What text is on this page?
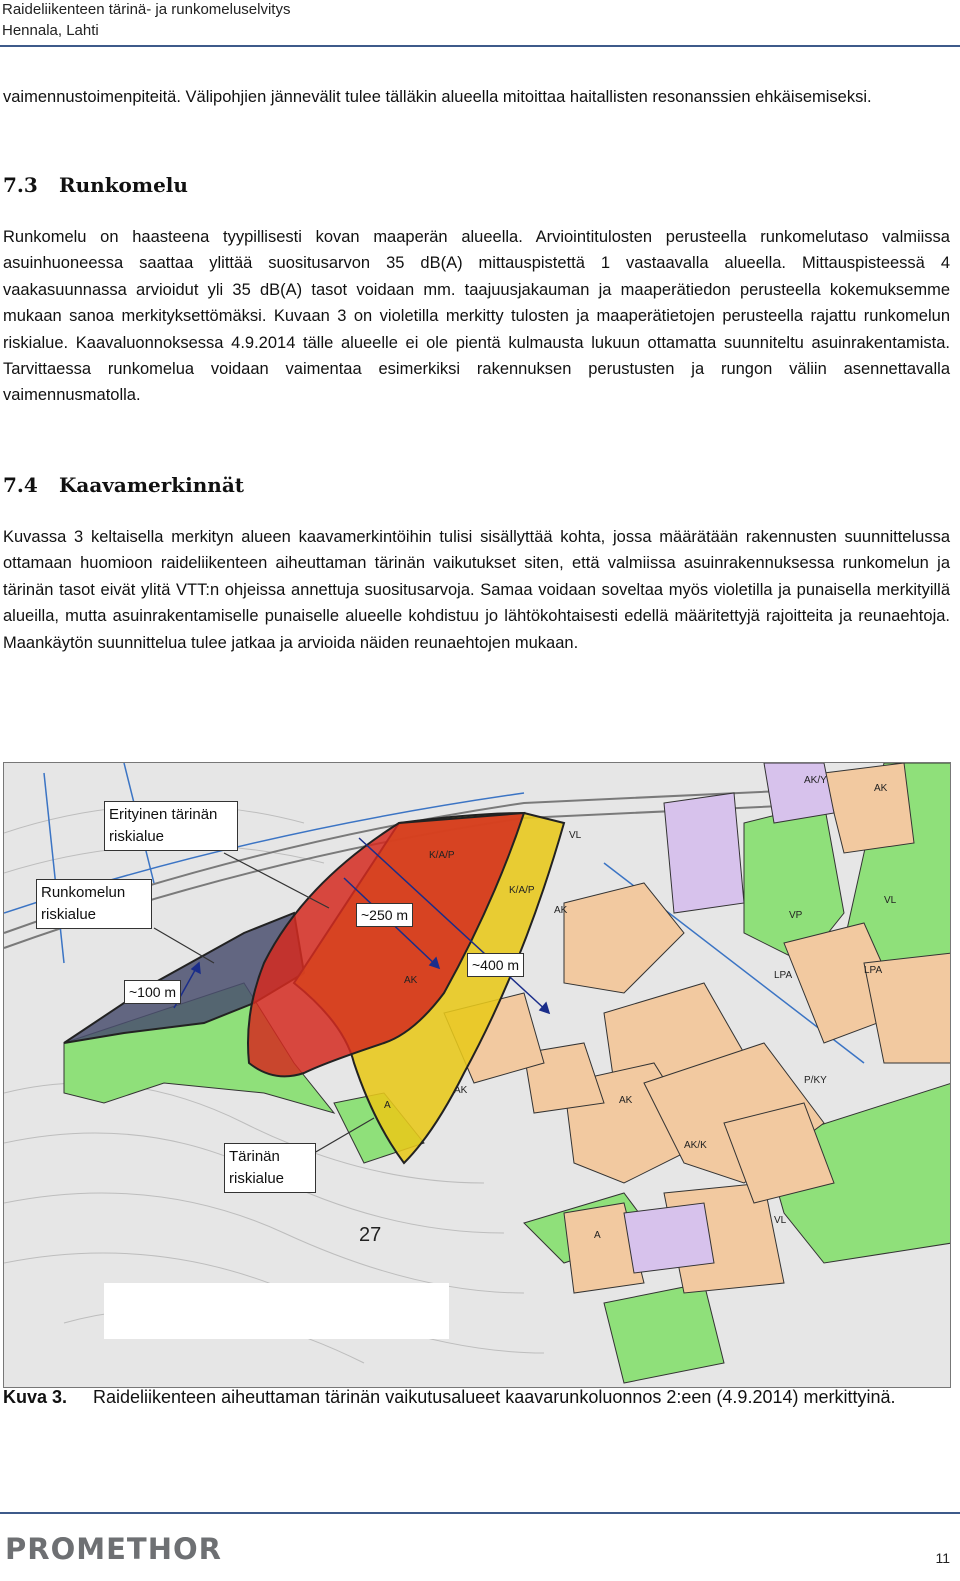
Raideliikenteen tärinä- ja runkomeluselvitys
Hennala, Lahti
vaimennustoimenpiteitä. Välipohjien jännevälit tulee tälläkin alueella mitoittaa haitallisten resonanssien ehkäisemiseksi.
7.3 Runkomelu
Runkomelu on haasteena tyypillisesti kovan maaperän alueella. Arviointitulosten perusteella runkomelutaso valmiissa asuinhuoneessa saattaa ylittää suositusarvon 35 dB(A) mittauspistettä 1 vastaavalla alueella. Mittauspisteessä 4 vaakasuunnassa arvioidut yli 35 dB(A) tasot voidaan mm. taajuusjakauman ja maaperätiedon perusteella kokemuksemme mukaan sanoa merkityksettömäksi. Kuvaan 3 on violetilla merkitty tulosten ja maaperätietojen perusteella rajattu runkomelun riskialue. Kaavaluonnoksessa 4.9.2014 tälle alueelle ei ole pientä kulmausta lukuun ottamatta suunniteltu asuinrakentamista. Tarvittaessa runkomelua voidaan vaimentaa esimerkiksi rakennuksen perustusten ja rungon väliin asennettavalla vaimennusmatolla.
7.4 Kaavamerkinnät
Kuvassa 3 keltaisella merkityn alueen kaavamerkintöihin tulisi sisällyttää kohta, jossa määrätään rakennusten suunnittelussa ottamaan huomioon raideliikenteen aiheuttaman tärinän vaikutukset siten, että valmiissa asuinrakennuksessa runkomelun ja tärinän tasot eivät ylitä VTT:n ohjeissa annettuja suositusarvoja. Samaa voidaan soveltaa myös violetilla ja punaisella merkityillä alueilla, mutta asuinrakentamiselle punaiselle alueelle kohdistuu jo lähtökohtaisesti edellä määritettyjä rajoitteita ja reunaehtoja. Maankäytön suunnittelua tulee jatkaa ja arvioida näiden reunaehtojen mukaan.
AK
AK/Y
K/A/P
K/A/P
AK
AK
AK
AK
AK/K
VP
VL
VL
VL
LPA	LPA
A
A
P/KY
27
Erityinen tärinän
riskialue
Runkomelun
riskialue
Tärinän
riskialue
~100 m
~250 m
~400 m
Kuva 3. Raideliikenteen aiheuttaman tärinän vaikutusalueet kaavarunkoluonnos 2:een (4.9.2014) merkittyinä.
PROMETHOR	11
